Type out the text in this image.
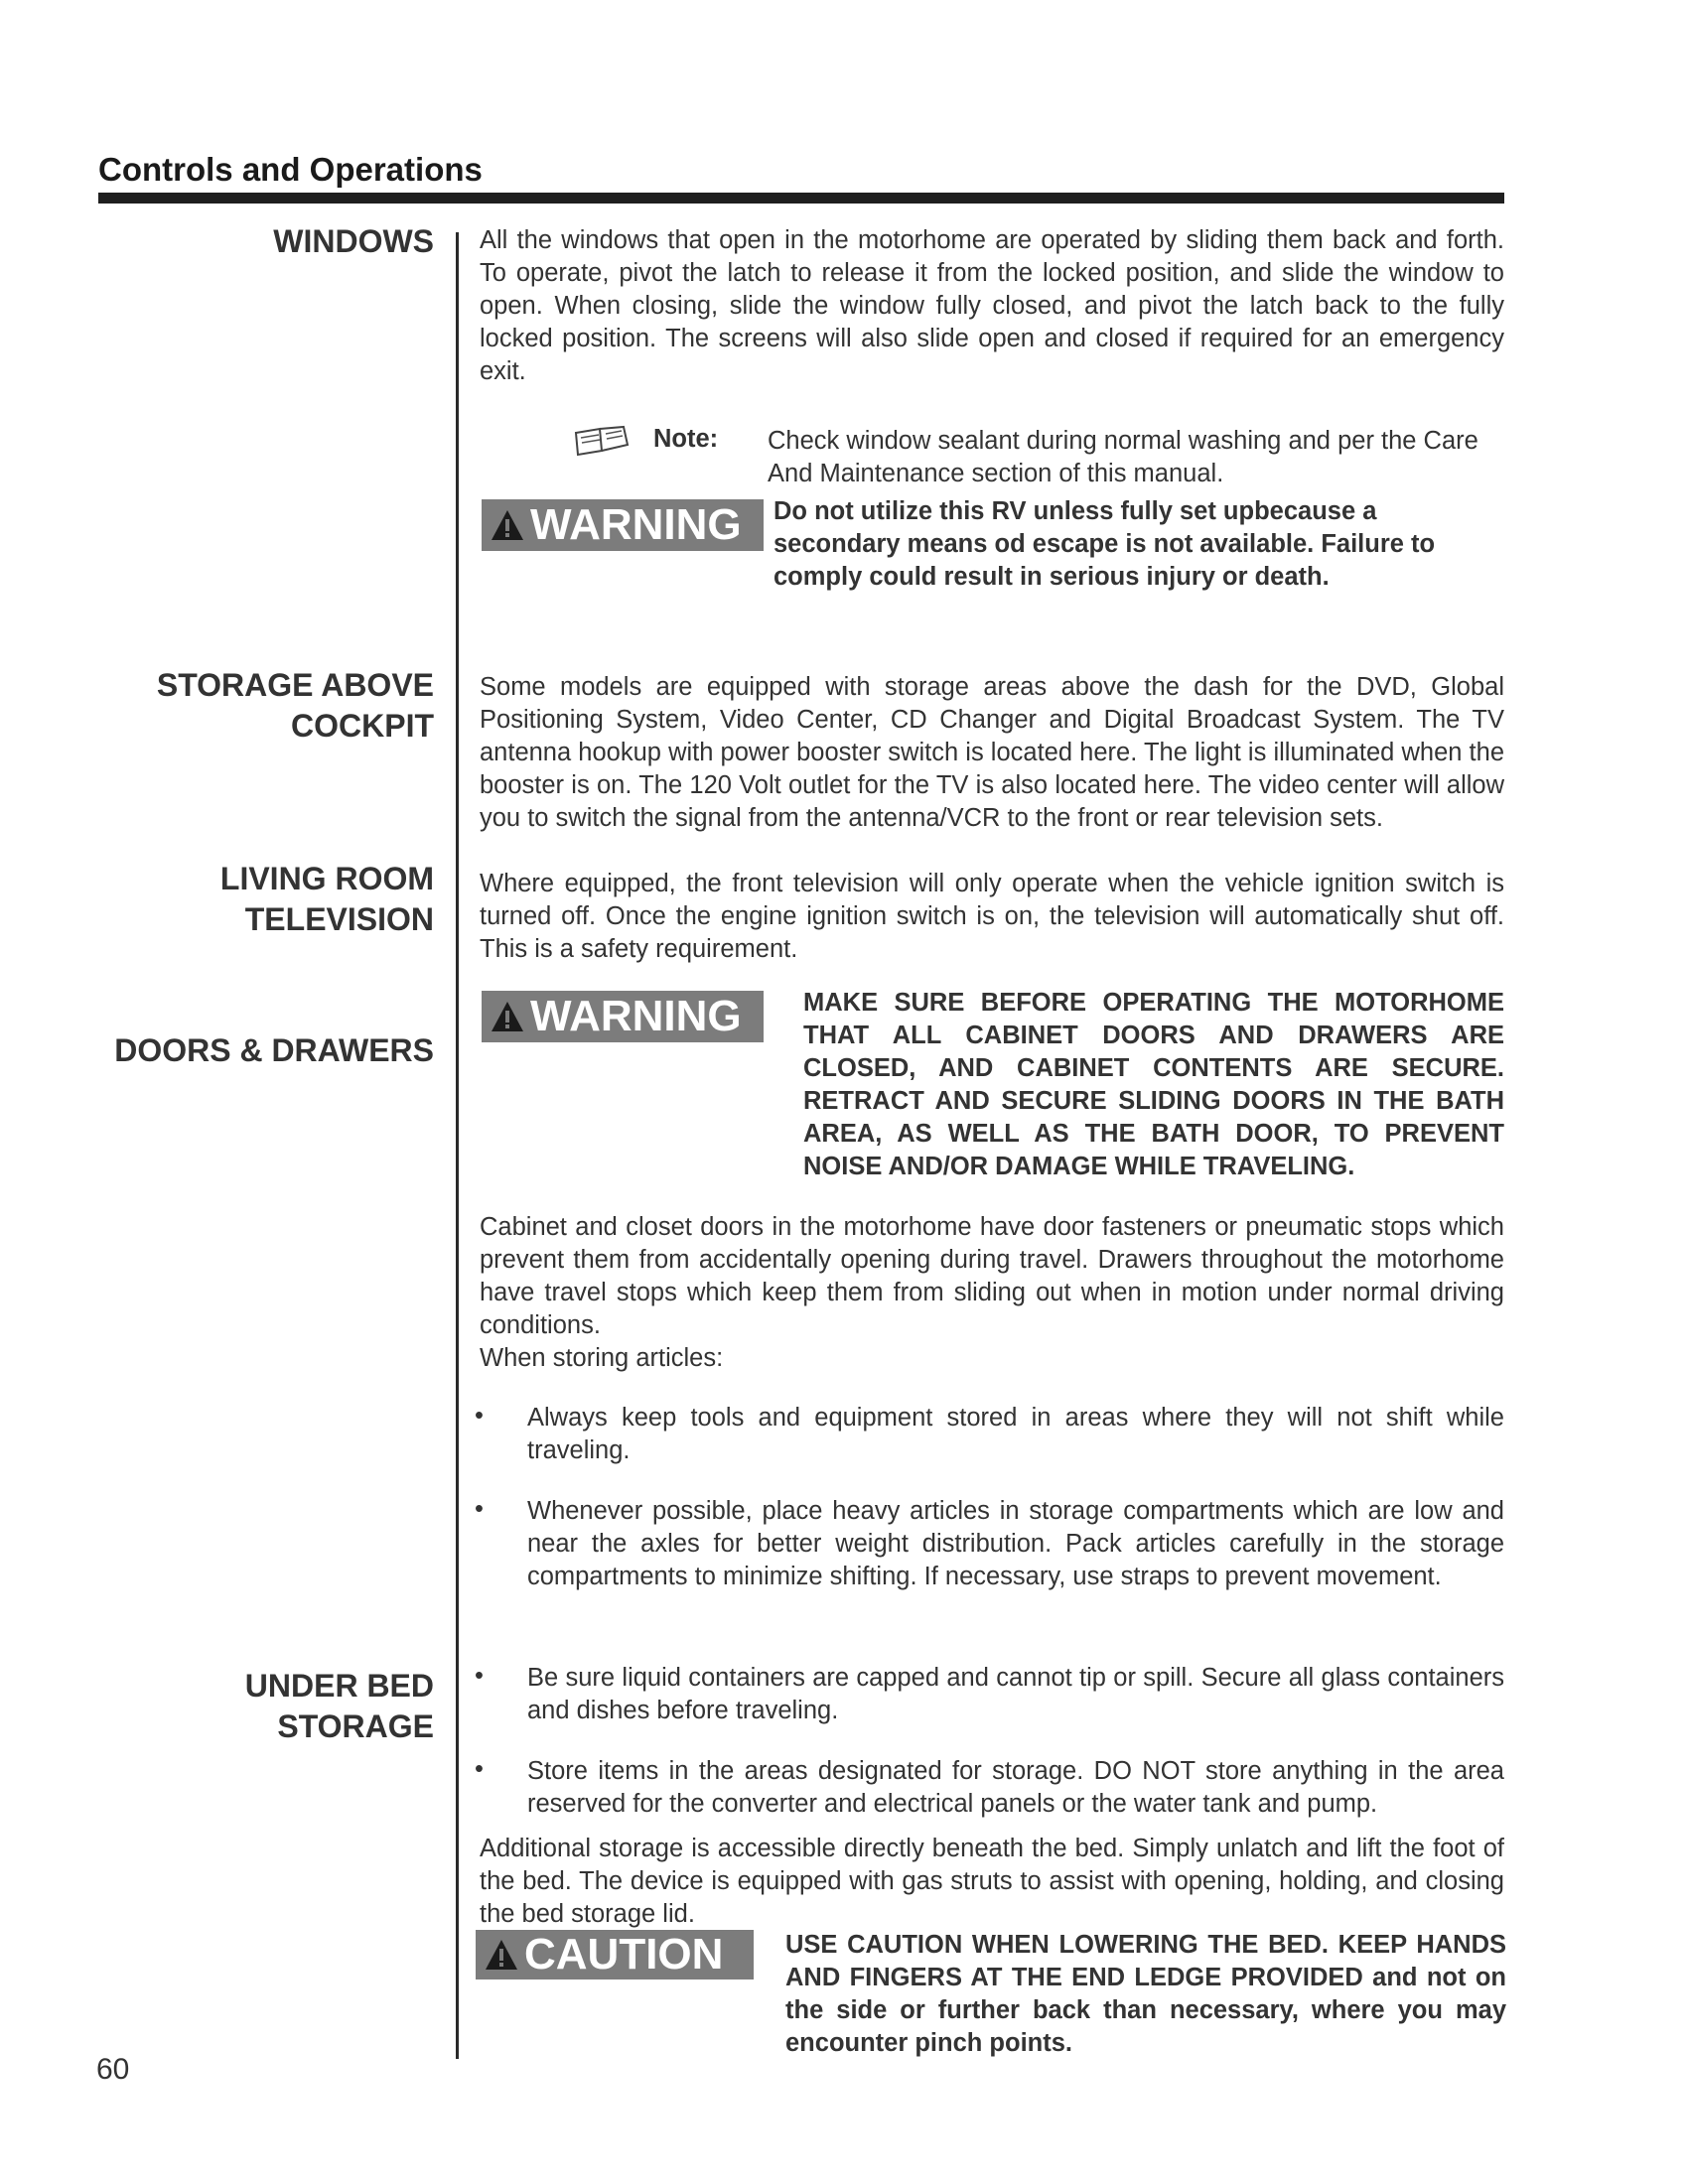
Controls and Operations
WINDOWS
STORAGE ABOVE
COCKPIT
LIVING ROOM
TELEVISION
DOORS & DRAWERS
UNDER BED
STORAGE
All the windows that open in the motorhome are operated by sliding them back and forth. To operate, pivot the latch to release it from the locked position, and slide the window to open. When closing, slide the window fully closed, and pivot the latch back to the fully locked position. The screens will also slide open and closed if required for an emergency exit.
Note: Check window sealant during normal washing and per the Care And Maintenance section of this manual.
WARNING Do not utilize this RV unless fully set upbecause a secondary means od escape is not available. Failure to comply could result in serious injury or death.
Some models are equipped with storage areas above the dash for the DVD, Global Positioning System, Video Center, CD Changer and Digital Broadcast System. The TV antenna hookup with power booster switch is located here. The light is illuminated when the booster is on. The 120 Volt outlet for the TV is also located here. The video center will allow you to switch the signal from the antenna/VCR to the front or rear television sets.
Where equipped, the front television will only operate when the vehicle ignition switch is turned off. Once the engine ignition switch is on, the television will automatically shut off. This is a safety requirement.
WARNING MAKE SURE BEFORE OPERATING THE MOTORHOME THAT ALL CABINET DOORS AND DRAWERS ARE CLOSED, AND CABINET CONTENTS ARE SECURE. RETRACT AND SECURE SLIDING DOORS IN THE BATH AREA, AS WELL AS THE BATH DOOR, TO PREVENT NOISE AND/OR DAMAGE WHILE TRAVELING.
Cabinet and closet doors in the motorhome have door fasteners or pneumatic stops which prevent them from accidentally opening during travel. Drawers throughout the motorhome have travel stops which keep them from sliding out when in motion under normal driving conditions.
When storing articles:
• Always keep tools and equipment stored in areas where they will not shift while traveling.
• Whenever possible, place heavy articles in storage compartments which are low and near the axles for better weight distribution. Pack articles carefully in the storage compartments to minimize shifting. If necessary, use straps to prevent movement.
• Be sure liquid containers are capped and cannot tip or spill. Secure all glass containers and dishes before traveling.
• Store items in the areas designated for storage. DO NOT store anything in the area reserved for the converter and electrical panels or the water tank and pump.
Additional storage is accessible directly beneath the bed. Simply unlatch and lift the foot of the bed. The device is equipped with gas struts to assist with opening, holding, and closing the bed storage lid.
CAUTION USE CAUTION WHEN LOWERING THE BED. KEEP HANDS AND FINGERS AT THE END LEDGE PROVIDED and not on the side or further back than necessary, where you may encounter pinch points.
60
